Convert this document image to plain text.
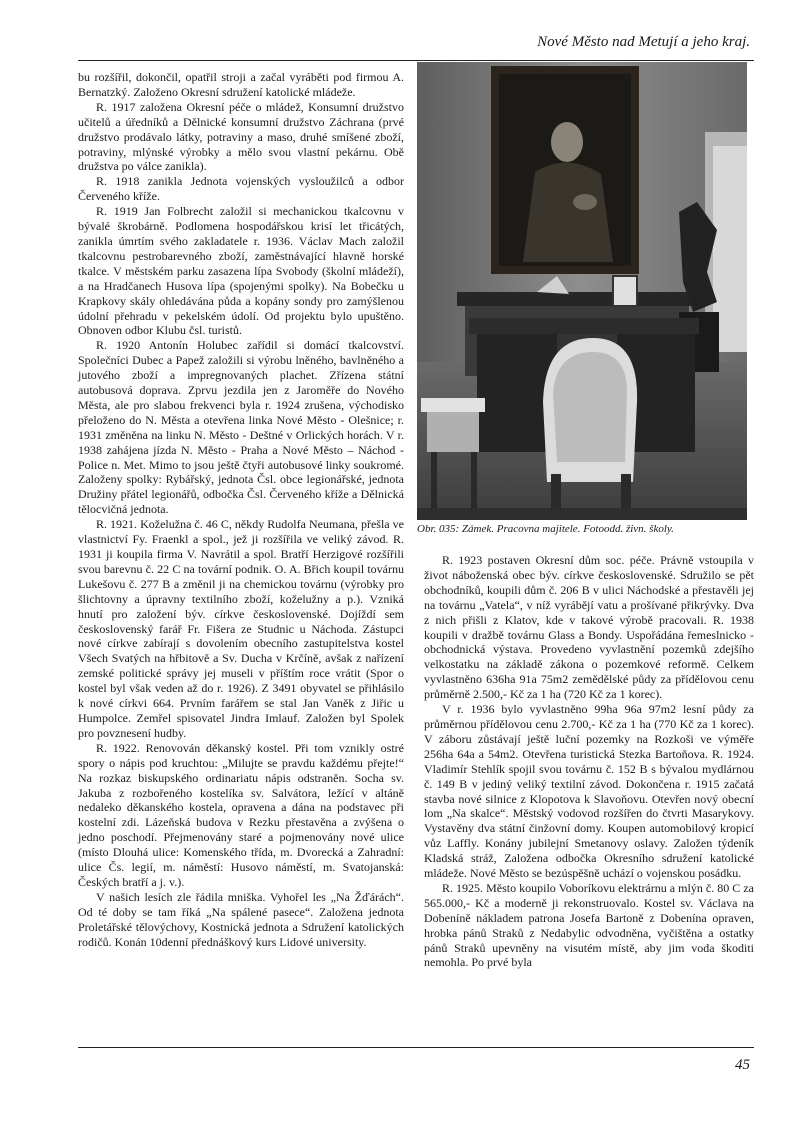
Nové Město nad Metují a jeho kraj.

bu rozšířil, dokončil, opatřil stroji a začal vyráběti pod firmou A. Bernatzký. Založeno Okresní sdružení katolické mládeže.

R. 1917 založena Okresní péče o mládež, Konsumní družstvo učitelů a úředníků a Dělnické konsumní družstvo Záchrana (prvé družstvo prodávalo látky, potraviny a maso, druhé smíšené zboží, potraviny, mlýnské výrobky a mělo svou vlastní pekárnu. Obě družstva po válce zanikla).

R. 1918 zanikla Jednota vojenských vysloužilců a odbor Červeného kříže.

R. 1919 Jan Folbrecht založil si mechanickou tkalcovnu v bývalé škrobárně. Podlomena hospodářskou krisí let třicátých, zanikla úmrtím svého zakladatele r. 1936. Václav Mach založil tkalcovnu pestrobarevného zboží, zaměstnávající hlavně horské tkalce. V městském parku zasazena lípa Svobody (školní mládeží), a na Hradčanech Husova lípa (spojenými spolky). Na Bobečku u Krapkovy skály ohledávána půda a kopány sondy pro zamýšlenou údolní přehradu v pekelském údolí. Od projektu bylo upuštěno. Obnoven odbor Klubu čsl. turistů.

R. 1920 Antonín Holubec zařídil si domácí tkalcovství. Společníci Dubec a Papež založili si výrobu lněného, bavlněného a jutového zboží a impregnovaných plachet. Zřízena státní autobusová doprava. Zprvu jezdila jen z Jaroměře do Nového Města, ale pro slabou frekvenci byla r. 1924 zrušena, východisko přeloženo do N. Města a otevřena linka Nové Město - Olešnice; r. 1931 změněna na linku N. Město - Deštné v Orlických horách. V r. 1938 zahájena jízda N. Město - Praha a Nové Město – Náchod - Police n. Met. Mimo to jsou ještě čtyři autobusové linky soukromé. Založeny spolky: Rybářský, jednota Čsl. obce legionářské, jednota Družiny přátel legionářů, odbočka Čsl. Červeného kříže a Dělnická tělocvičná jednota.

R. 1921. Koželužna č. 46 C, někdy Rudolfa Neumana, přešla ve vlastnictví Fy. Fraenkl a spol., jež ji rozšířila ve veliký závod. R. 1931 ji koupila firma V. Navrátil a spol. Bratří Herzigové rozšířili svou barevnu č. 22 C na tovární podnik. O. A. Břich koupil továrnu Lukešovu č. 277 B a změnil ji na chemickou továrnu (výrobky pro šlichtovny a úpravny textilního zboží, koželužny a p.). Vzniká hnutí pro založení býv. církve československé. Dojíždí sem československý farář Fr. Fišera ze Studnic u Náchoda. Zástupci nové církve zabírají s dovolením obecního zastupitelstva kostel Všech Svatých na hřbitově a Sv. Ducha v Krčíně, avšak z nařízení zemské politické správy jej museli v příštím roce vrátit (Spor o kostel byl však veden až do r. 1926). Z 3491 obyvatel se přihlásilo k nové církvi 664. Prvním farářem se stal Jan Vaněk z Jiřic u Humpolce. Zemřel spisovatel Jindra Imlauf. Založen byl Spolek pro povznesení hudby.

R. 1922. Renovován děkanský kostel. Při tom vznikly ostré spory o nápis pod kruchtou: „Milujte se pravdu každému přejte!“ Na rozkaz biskupského ordinariatu nápis odstraněn. Socha sv. Jakuba z rozbořeného kostelíka sv. Salvátora, ležící v altáně nedaleko děkanského kostela, opravena a dána na podstavec při kostelní zdi. Lázeňská budova v Rezku přestavěna a zvýšena o jedno poschodí. Přejmenovány staré a pojmenovány nové ulice (místo Dlouhá ulice: Komenského třída, m. Dvorecká a Zahradní: ulice Čs. legií, m. náměstí: Husovo náměstí, m. Svatojanská: Českých bratří a j. v.).

V našich lesích zle řádila mniška. Vyhořel les „Na Žďárách“. Od té doby se tam říká „Na spálené pasece“. Založena jednota Proletářské tělovýchovy, Kostnická jednota a Sdružení katolických rodičů. Konán 10denní přednáškový kurs Lidové university.

Obr. 035: Zámek. Pracovna majitele. Fotoodd. živn. školy.

R. 1923 postaven Okresní dům soc. péče. Právně vstoupila v život náboženská obec býv. církve československé. Sdružilo se pět obchodníků, koupili dům č. 206 B v ulici Náchodské a přestavěli jej na továrnu „Vatela“, v níž vyrábějí vatu a prošívané přikrývky. Dva z nich přišli z Klatov, kde v takové výrobě pracovali. R. 1938 koupili v dražbě továrnu Glass a Bondy. Uspořádána řemeslnicko - obchodnická výstava. Provedeno vyvlastnění pozemků zdejšího velkostatku na základě zákona o pozemkové reformě. Celkem vyvlastněno 636ha 91a 75m2 zemědělské půdy za přídělovou cenu průměrně 2.500,- Kč za 1 ha (720 Kč za 1 korec).

V r. 1936 bylo vyvlastněno 99ha 96a 97m2 lesní půdy za průměrnou přídělovou cenu 2.700,- Kč za 1 ha (770 Kč za 1 korec). V záboru zůstávají ještě luční pozemky na Rozkoši ve výměře 256ha 64a a 54m2. Otevřena turistická Stezka Bartoňova. R. 1924. Vladimír Stehlík spojil svou továrnu č. 152 B s bývalou mydlárnou č. 149 B v jediný veliký textilní závod. Dokončena r. 1915 začatá stavba nové silnice z Klopotova k Slavoňovu. Otevřen nový obecní lom „Na skalce“. Městský vodovod rozšířen do čtvrti Masarykovy. Vystavěny dva státní činžovní domy. Koupen automobilový kropicí vůz Laffly. Konány jubilejní Smetanovy oslavy. Založen týdeník Kladská stráž, Založena odbočka Okresního sdružení katolické mládeže. Nové Město se bezúspěšně uchází o vojenskou posádku.

R. 1925. Město koupilo Voboríkovu elektrárnu a mlýn č. 80 C za 565.000,- Kč a moderně ji rekonstruovalo. Kostel sv. Václava na Dobeníně nákladem patrona Josefa Bartoně z Dobenína opraven, hrobka pánů Straků z Nedabylic odvodněna, vyčištěna a ostatky pánů Straků upevněny na visutém místě, aby jim voda škoditi nemohla. Po prvé byla

45
